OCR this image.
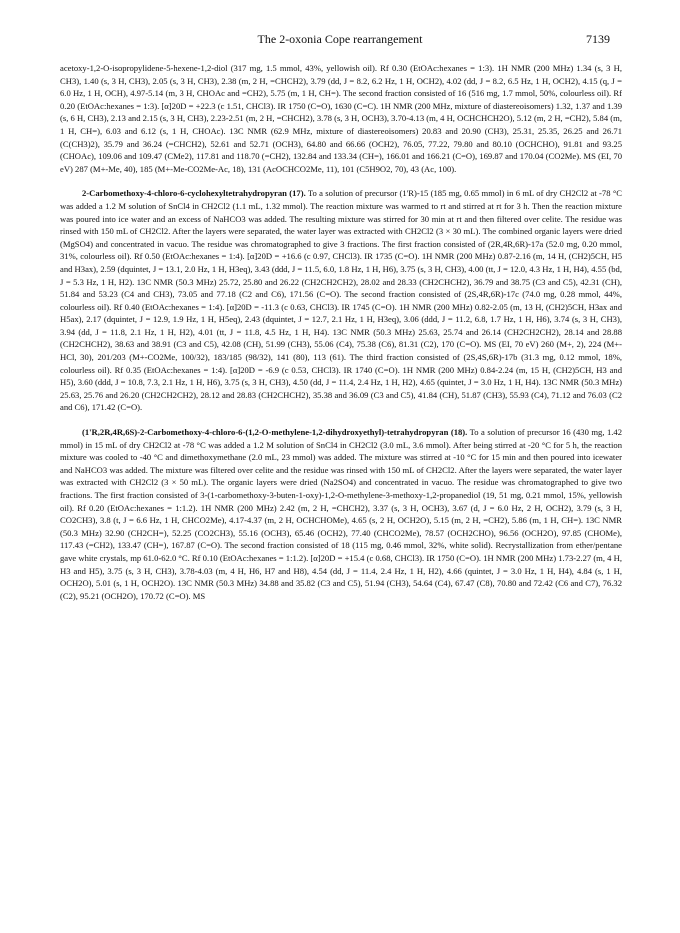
The 2-oxonia Cope rearrangement	7139

acetoxy-1,2-O-isopropylidene-5-hexene-1,2-diol (317 mg, 1.5 mmol, 43%, yellowish oil). Rf 0.30 (EtOAc:hexanes = 1:3). 1H NMR (200 MHz) 1.34 (s, 3 H, CH3), 1.40 (s, 3 H, CH3), 2.05 (s, 3 H, CH3), 2.38 (m, 2 H, =CHCH2), 3.79 (dd, J = 8.2, 6.2 Hz, 1 H, OCH2), 4.02 (dd, J = 8.2, 6.5 Hz, 1 H, OCH2), 4.15 (q, J = 6.0 Hz, 1 H, OCH), 4.97-5.14 (m, 3 H, CHOAc and =CH2), 5.75 (m, 1 H, CH=). The second fraction consisted of 16 (516 mg, 1.7 mmol, 50%, colourless oil). Rf 0.20 (EtOAc:hexanes = 1:3). [α]20D = +22.3 (c 1.51, CHCl3). IR 1750 (C=O), 1630 (C=C). 1H NMR (200 MHz, mixture of diastereoisomers) 1.32, 1.37 and 1.39 (s, 6 H, CH3), 2.13 and 2.15 (s, 3 H, CH3), 2.23-2.51 (m, 2 H, =CHCH2), 3.78 (s, 3 H, OCH3), 3.70-4.13 (m, 4 H, OCHCHCH2O), 5.12 (m, 2 H, =CH2), 5.84 (m, 1 H, CH=), 6.03 and 6.12 (s, 1 H, CHOAc). 13C NMR (62.9 MHz, mixture of diastereoisomers) 20.83 and 20.90 (CH3), 25.31, 25.35, 26.25 and 26.71 (C(CH3)2), 35.79 and 36.24 (=CHCH2), 52.61 and 52.71 (OCH3), 64.80 and 66.66 (OCH2), 76.05, 77.22, 79.80 and 80.10 (OCHCHO), 91.81 and 93.25 (CHOAc), 109.06 and 109.47 (CMe2), 117.81 and 118.70 (=CH2), 132.84 and 133.34 (CH=), 166.01 and 166.21 (C=O), 169.87 and 170.04 (CO2Me). MS (EI, 70 eV) 287 (M+-Me, 40), 185 (M+-Me-CO2Me-Ac, 18), 131 (AcOCHCO2Me, 11), 101 (C5H9O2, 70), 43 (Ac, 100).

2-Carbomethoxy-4-chloro-6-cyclohexyltetrahydropyran (17). To a solution of precursor (1'R)-15 (185 mg, 0.65 mmol) in 6 mL of dry CH2Cl2 at -78 °C was added a 1.2 M solution of SnCl4 in CH2Cl2 (1.1 mL, 1.32 mmol). The reaction mixture was warmed to rt and stirred at rt for 3 h. Then the reaction mixture was poured into ice water and an excess of NaHCO3 was added. The resulting mixture was stirred for 30 min at rt and then filtered over celite. The residue was rinsed with 150 mL of CH2Cl2. After the layers were separated, the water layer was extracted with CH2Cl2 (3 × 30 mL). The combined organic layers were dried (MgSO4) and concentrated in vacuo. The residue was chromatographed to give 3 fractions. The first fraction consisted of (2R,4R,6R)-17a (52.0 mg, 0.20 mmol, 31%, colourless oil). Rf 0.50 (EtOAc:hexanes = 1:4). [α]20D = +16.6 (c 0.97, CHCl3). IR 1735 (C=O). 1H NMR (200 MHz) 0.87-2.16 (m, 14 H, (CH2)5CH, H5 and H3ax), 2.59 (dquintet, J = 13.1, 2.0 Hz, 1 H, H3eq), 3.43 (ddd, J = 11.5, 6.0, 1.8 Hz, 1 H, H6), 3.75 (s, 3 H, CH3), 4.00 (tt, J = 12.0, 4.3 Hz, 1 H, H4), 4.55 (bd, J = 5.3 Hz, 1 H, H2). 13C NMR (50.3 MHz) 25.72, 25.80 and 26.22 (CH2CH2CH2), 28.02 and 28.33 (CH2CHCH2), 36.79 and 38.75 (C3 and C5), 42.31 (CH), 51.84 and 53.23 (C4 and CH3), 73.05 and 77.18 (C2 and C6), 171.56 (C=O). The second fraction consisted of (2S,4R,6R)-17c (74.0 mg, 0.28 mmol, 44%, colourless oil). Rf 0.40 (EtOAc:hexanes = 1:4). [α]20D = -11.3 (c 0.63, CHCl3). IR 1745 (C=O). 1H NMR (200 MHz) 0.82-2.05 (m, 13 H, (CH2)5CH, H3ax and H5ax), 2.17 (dquintet, J = 12.9, 1.9 Hz, 1 H, H5eq), 2.43 (dquintet, J = 12.7, 2.1 Hz, 1 H, H3eq), 3.06 (ddd, J = 11.2, 6.8, 1.7 Hz, 1 H, H6), 3.74 (s, 3 H, CH3), 3.94 (dd, J = 11.8, 2.1 Hz, 1 H, H2), 4.01 (tt, J = 11.8, 4.5 Hz, 1 H, H4). 13C NMR (50.3 MHz) 25.63, 25.74 and 26.14 (CH2CH2CH2), 28.14 and 28.88 (CH2CHCH2), 38.63 and 38.91 (C3 and C5), 42.08 (CH), 51.99 (CH3), 55.06 (C4), 75.38 (C6), 81.31 (C2), 170 (C=O). MS (EI, 70 eV) 260 (M+, 2), 224 (M+-HCl, 30), 201/203 (M+-CO2Me, 100/32), 183/185 (98/32), 141 (80), 113 (61). The third fraction consisted of (2S,4S,6R)-17b (31.3 mg, 0.12 mmol, 18%, colourless oil). Rf 0.35 (EtOAc:hexanes = 1:4). [α]20D = -6.9 (c 0.53, CHCl3). IR 1740 (C=O). 1H NMR (200 MHz) 0.84-2.24 (m, 15 H, (CH2)5CH, H3 and H5), 3.60 (ddd, J = 10.8, 7.3, 2.1 Hz, 1 H, H6), 3.75 (s, 3 H, CH3), 4.50 (dd, J = 11.4, 2.4 Hz, 1 H, H2), 4.65 (quintet, J = 3.0 Hz, 1 H, H4). 13C NMR (50.3 MHz) 25.63, 25.76 and 26.20 (CH2CH2CH2), 28.12 and 28.83 (CH2CHCH2), 35.38 and 36.09 (C3 and C5), 41.84 (CH), 51.87 (CH3), 55.93 (C4), 71.12 and 76.03 (C2 and C6), 171.42 (C=O).

(1'R,2R,4R,6S)-2-Carbomethoxy-4-chloro-6-(1,2-O-methylene-1,2-dihydroxyethyl)-tetrahydropyran (18). To a solution of precursor 16 (430 mg, 1.42 mmol) in 15 mL of dry CH2Cl2 at -78 °C was added a 1.2 M solution of SnCl4 in CH2Cl2 (3.0 mL, 3.6 mmol). After being stirred at -20 °C for 5 h, the reaction mixture was cooled to -40 °C and dimethoxymethane (2.0 mL, 23 mmol) was added. The mixture was stirred at -10 °C for 15 min and then poured into icewater and NaHCO3 was added. The mixture was filtered over celite and the residue was rinsed with 150 mL of CH2Cl2. After the layers were separated, the water layer was extracted with CH2Cl2 (3 × 50 mL). The organic layers were dried (Na2SO4) and concentrated in vacuo. The residue was chromatographed to give two fractions. The first fraction consisted of 3-(1-carbomethoxy-3-buten-1-oxy)-1,2-O-methylene-3-methoxy-1,2-propanediol (19, 51 mg, 0.21 mmol, 15%, yellowish oil). Rf 0.20 (EtOAc:hexanes = 1:1.2). 1H NMR (200 MHz) 2.42 (m, 2 H, =CHCH2), 3.37 (s, 3 H, OCH3), 3.67 (d, J = 6.0 Hz, 2 H, OCH2), 3.79 (s, 3 H, CO2CH3), 3.8 (t, J = 6.6 Hz, 1 H, CHCO2Me), 4.17-4.37 (m, 2 H, OCHCHOMe), 4.65 (s, 2 H, OCH2O), 5.15 (m, 2 H, =CH2), 5.86 (m, 1 H, CH=). 13C NMR (50.3 MHz) 32.90 (CH2CH=), 52.25 (CO2CH3), 55.16 (OCH3), 65.46 (OCH2), 77.40 (CHCO2Me), 78.57 (OCH2CHO), 96.56 (OCH2O), 97.85 (CHOMe), 117.43 (=CH2), 133.47 (CH=), 167.87 (C=O). The second fraction consisted of 18 (115 mg, 0.46 mmol, 32%, white solid). Recrystallization from ether/pentane gave white crystals, mp 61.0-62.0 °C. Rf 0.10 (EtOAc:hexanes = 1:1.2). [α]20D = +15.4 (c 0.68, CHCl3). IR 1750 (C=O). 1H NMR (200 MHz) 1.73-2.27 (m, 4 H, H3 and H5), 3.75 (s, 3 H, CH3), 3.78-4.03 (m, 4 H, H6, H7 and H8), 4.54 (dd, J = 11.4, 2.4 Hz, 1 H, H2), 4.66 (quintet, J = 3.0 Hz, 1 H, H4), 4.84 (s, 1 H, OCH2O), 5.01 (s, 1 H, OCH2O). 13C NMR (50.3 MHz) 34.88 and 35.82 (C3 and C5), 51.94 (CH3), 54.64 (C4), 67.47 (C8), 70.80 and 72.42 (C6 and C7), 76.32 (C2), 95.21 (OCH2O), 170.72 (C=O). MS
